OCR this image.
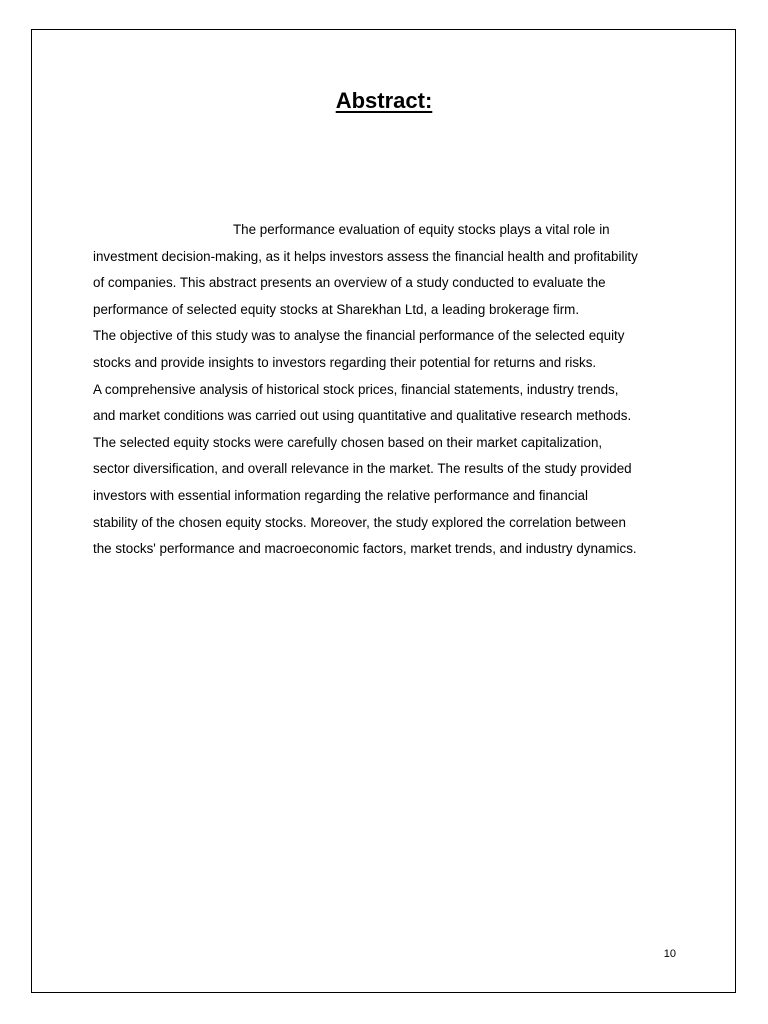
Abstract:
The performance evaluation of equity stocks plays a vital role in
investment decision-making, as it helps investors assess the financial health and profitability
of companies. This abstract presents an overview of a study conducted to evaluate the
performance of selected equity stocks at Sharekhan Ltd, a leading brokerage firm.
The objective of this study was to analyse the financial performance of the selected equity
stocks and provide insights to investors regarding their potential for returns and risks.
A comprehensive analysis of historical stock prices, financial statements, industry trends,
and market conditions was carried out using quantitative and qualitative research methods.
The selected equity stocks were carefully chosen based on their market capitalization,
sector diversification, and overall relevance in the market. The results of the study provided
investors with essential information regarding the relative performance and financial
stability of the chosen equity stocks. Moreover, the study explored the correlation between
the stocks' performance and macroeconomic factors, market trends, and industry dynamics.
10
